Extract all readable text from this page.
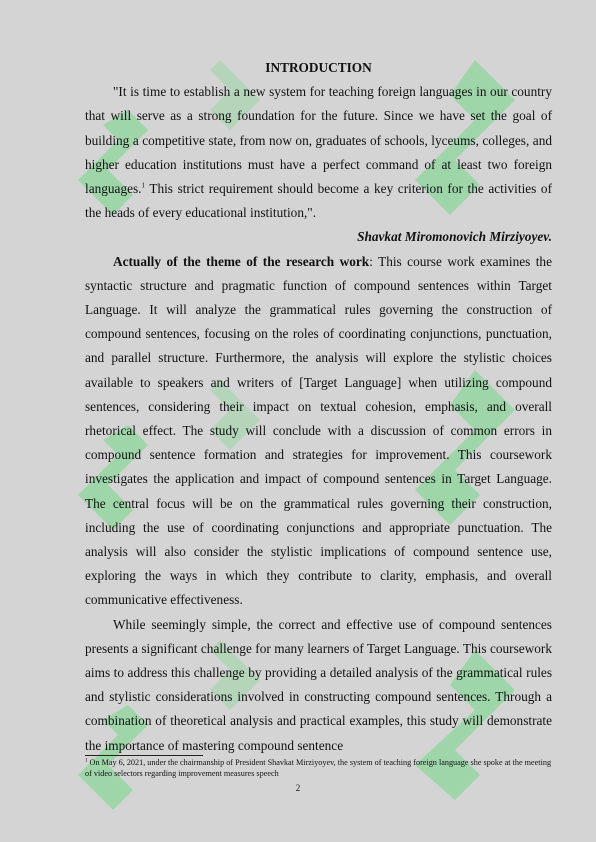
INTRODUCTION

"It is time to establish a new system for teaching foreign languages in our country that will serve as a strong foundation for the future. Since we have set the goal of building a competitive state, from now on, graduates of schools, lyceums, colleges, and higher education institutions must have a perfect command of at least two foreign languages.$^1$ This strict requirement should become a key criterion for the activities of the heads of every educational institution,".

Shavkat Miromonovich Mirziyoyev.

Actually of the theme of the research work: This course work examines the syntactic structure and pragmatic function of compound sentences within Target Language. It will analyze the grammatical rules governing the construction of compound sentences, focusing on the roles of coordinating conjunctions, punctuation, and parallel structure. Furthermore, the analysis will explore the stylistic choices available to speakers and writers of [Target Language] when utilizing compound sentences, considering their impact on textual cohesion, emphasis, and overall rhetorical effect. The study will conclude with a discussion of common errors in compound sentence formation and strategies for improvement. This coursework investigates the application and impact of compound sentences in Target Language. The central focus will be on the grammatical rules governing their construction, including the use of coordinating conjunctions and appropriate punctuation. The analysis will also consider the stylistic implications of compound sentence use, exploring the ways in which they contribute to clarity, emphasis, and overall communicative effectiveness.

While seemingly simple, the correct and effective use of compound sentences presents a significant challenge for many learners of Target Language. This coursework aims to address this challenge by providing a detailed analysis of the grammatical rules and stylistic considerations involved in constructing compound sentences. Through a combination of theoretical analysis and practical examples, this study will demonstrate the importance of mastering compound sentence

$^1$ On May 6, 2021, under the chairmanship of President Shavkat Mirziyoyev, the system of teaching foreign language she spoke at the meeting of video selectors regarding improvement measures speech
2
